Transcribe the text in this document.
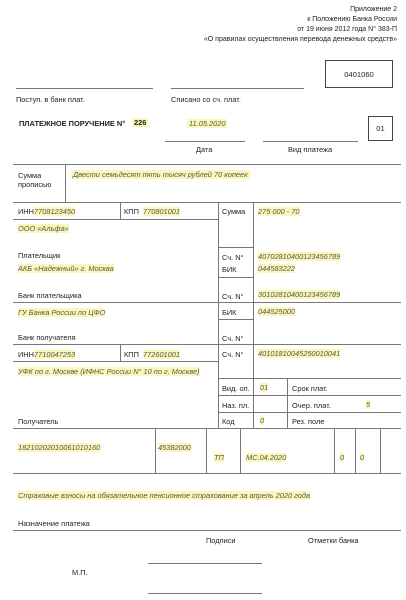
Приложение 2
к Положению Банка России
от 19 июня 2012 года N° 383-П
«О правилах осуществления перевода денежных средств»
0401060
Поступ. в банк плат.	Списано со сч. плат.
ПЛАТЕЖНОЕ ПОРУЧЕНИЕ N° 226	11.05.2020
01
Дата	Вид платежа
Сумма
прописью
Двести семьдесят пять тысяч рублей 70 копеек
ИНН 7708123450	КПП 770801001	Сумма 275 000 - 70
ООО «Альфа»
Плательщик	Сч. N° 40702810400123456789
АКБ «Надежный» г. Москва	БИК	044583222
Банк плательщика	Сч. N° 30102810400123456789
ГУ Банка России по ЦФО	БИК	044525000
Банк получателя	Сч. N°
ИНН 7710047253	КПП 772601001	Сч. N° 40101810045250010041
УФК по г. Москве (ИФНС России N° 10 по г. Москве)
Вид. оп. 01	Срок плат.
Наз. пл.	Очер. плат.	5
Код	0	Рез. поле
Получатель
18210202010061010160	45382000
ТП	МС.04.2020	0 0
Страховые взносы на обязательное пенсионное страхование за апрель 2020 года
Назначение платежа
Подписи	Отметки банка
М.П.
